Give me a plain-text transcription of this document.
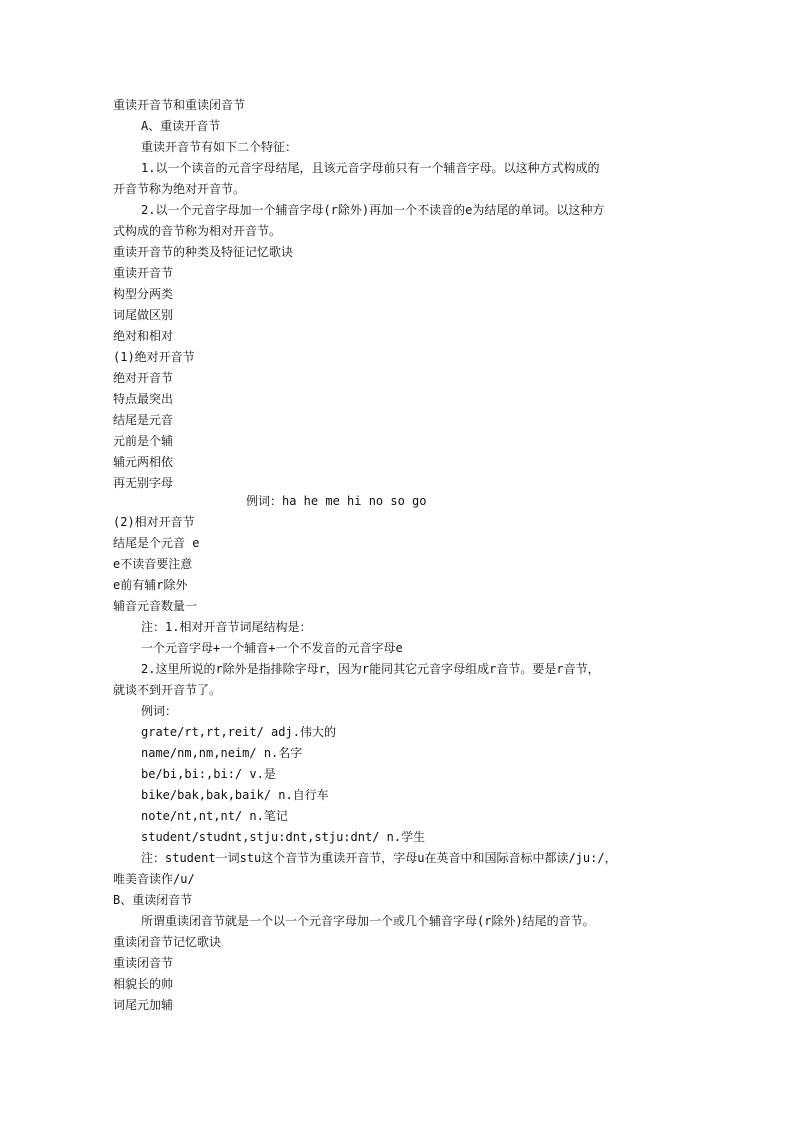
重读开音节和重读闭音节
A、重读开音节
重读开音节有如下二个特征：
1.以一个读音的元音字母结尾，且该元音字母前只有一个辅音字母。以这种方式构成的
开音节称为绝对开音节。
2.以一个元音字母加一个辅音字母(r除外)再加一个不读音的e为结尾的单词。以这种方
式构成的音节称为相对开音节。
重读开音节的种类及特征记忆歌诀
重读开音节
构型分两类
词尾做区别
绝对和相对
(1)绝对开音节
绝对开音节
特点最突出
结尾是元音
元前是个辅
辅元两相依
再无别字母
例词：ha he me hi no so go
(2)相对开音节
结尾是个元音 e
e不读音要注意
e前有辅r除外
辅音元音数量一
注：1.相对开音节词尾结构是：
一个元音字母+一个辅音+一个不发音的元音字母e
2.这里所说的r除外是指排除字母r，因为r能同其它元音字母组成r音节。要是r音节，
就谈不到开音节了。
例词：
grate/rt,rt,reit/ adj.伟大的
name/nm,nm,neim/ n.名字
be/bi,bi:,bi:/ v.是
bike/bak,bak,baik/ n.自行车
note/nt,nt,nt/ n.笔记
student/studnt,stju:dnt,stju:dnt/ n.学生
注：student一词stu这个音节为重读开音节，字母u在英音中和国际音标中都读/ju:/，
唯美音读作/u/
B、重读闭音节
所谓重读闭音节就是一个以一个元音字母加一个或几个辅音字母(r除外)结尾的音节。
重读闭音节记忆歌诀
重读闭音节
相貌长的帅
词尾元加辅
